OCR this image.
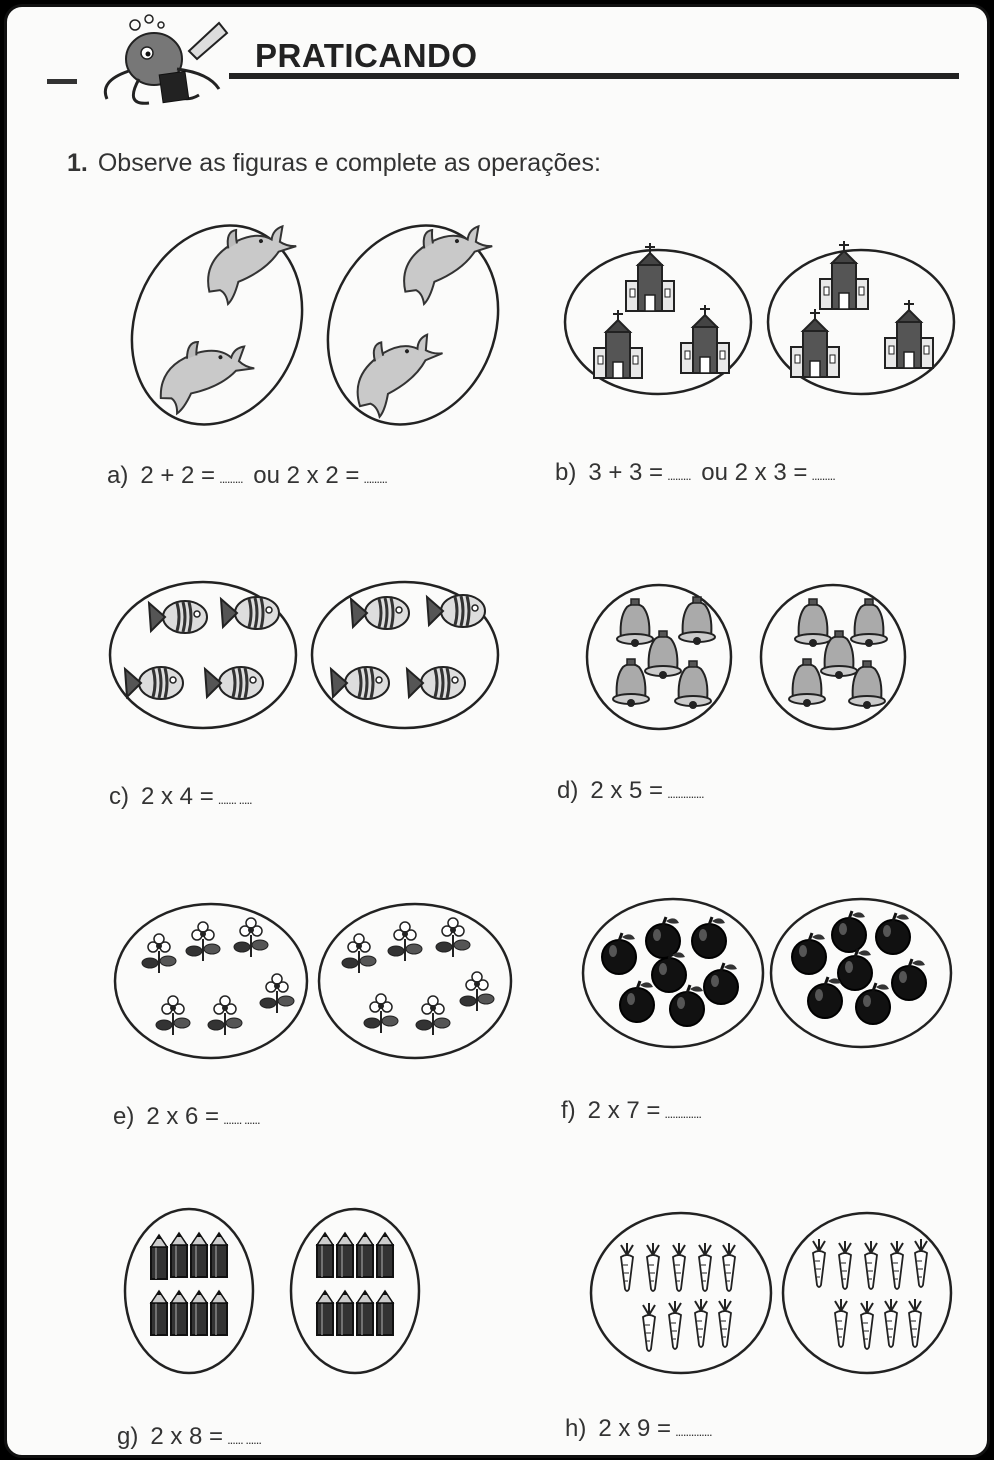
PRATICANDO
1. Observe as figuras e complete as operações:
a) 2 + 2 = ......... ou 2 x 2 = .........	b) 3 + 3 = ......... ou 2 x 3 = .........
c) 2 x 4 = ....... .....	d) 2 x 5 = ..............
e) 2 x 6 = ....... ......	f) 2 x 7 = ..............
g) 2 x 8 = ...... ......	h) 2 x 9 = ..............
